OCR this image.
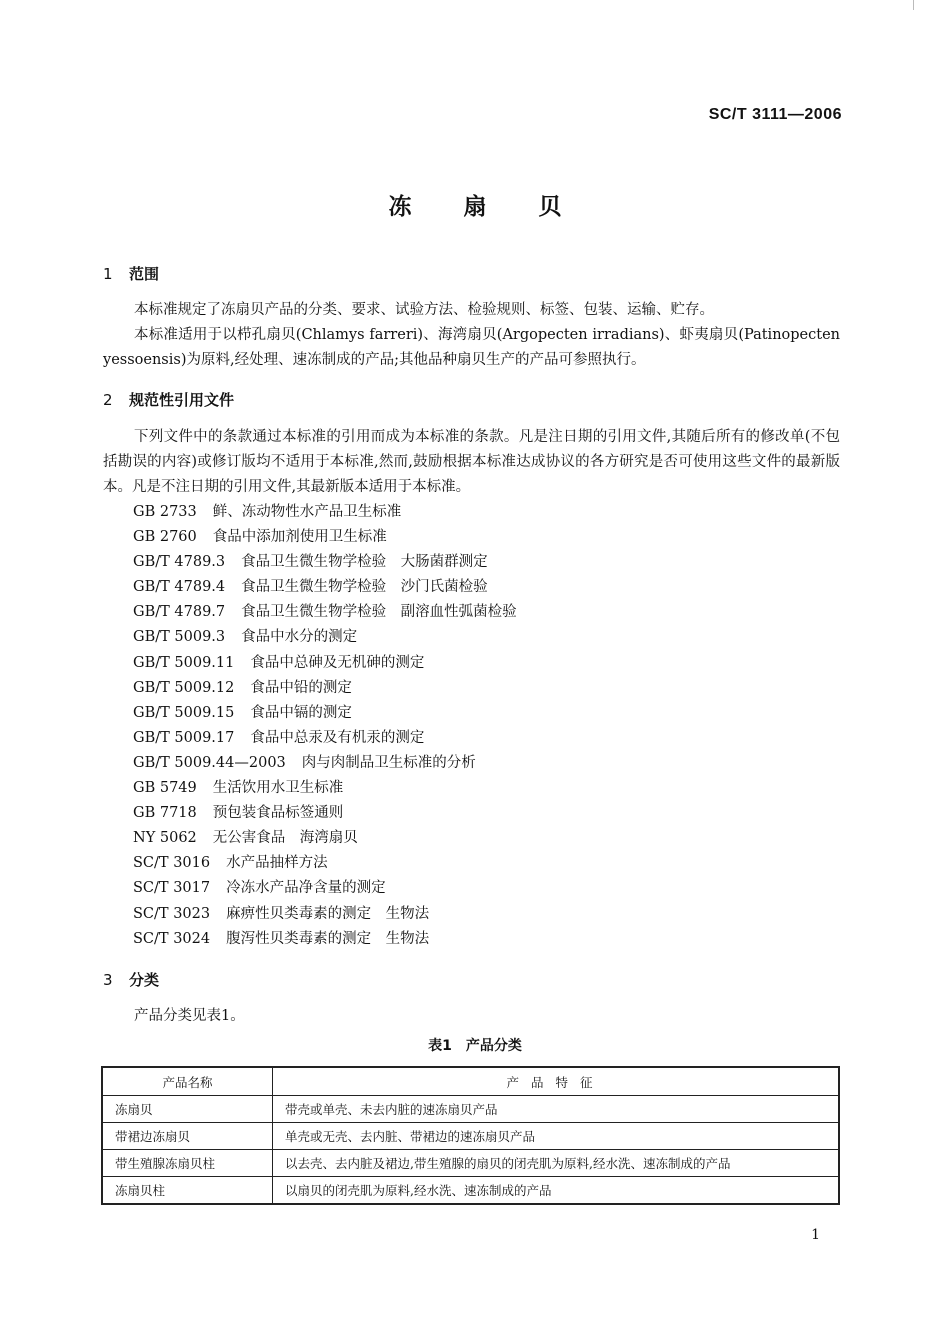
SC/T 3111—2006
冻 扇 贝
1 范围
本标准规定了冻扇贝产品的分类、要求、试验方法、检验规则、标签、包装、运输、贮存。
本标准适用于以栉孔扇贝(Chlamys farreri)、海湾扇贝(Argopecten irradians)、虾夷扇贝(Patinopecten yessoensis)为原料,经处理、速冻制成的产品;其他品种扇贝生产的产品可参照执行。
2 规范性引用文件
下列文件中的条款通过本标准的引用而成为本标准的条款。凡是注日期的引用文件,其随后所有的修改单(不包括勘误的内容)或修订版均不适用于本标准,然而,鼓励根据本标准达成协议的各方研究是否可使用这些文件的最新版本。凡是不注日期的引用文件,其最新版本适用于本标准。
GB 2733 鲜、冻动物性水产品卫生标准
GB 2760 食品中添加剂使用卫生标准
GB/T 4789.3 食品卫生微生物学检验　大肠菌群测定
GB/T 4789.4 食品卫生微生物学检验　沙门氏菌检验
GB/T 4789.7 食品卫生微生物学检验　副溶血性弧菌检验
GB/T 5009.3 食品中水分的测定
GB/T 5009.11 食品中总砷及无机砷的测定
GB/T 5009.12 食品中铅的测定
GB/T 5009.15 食品中镉的测定
GB/T 5009.17 食品中总汞及有机汞的测定
GB/T 5009.44—2003 肉与肉制品卫生标准的分析
GB 5749 生活饮用水卫生标准
GB 7718 预包装食品标签通则
NY 5062 无公害食品　海湾扇贝
SC/T 3016 水产品抽样方法
SC/T 3017 冷冻水产品净含量的测定
SC/T 3023 麻痹性贝类毒素的测定　生物法
SC/T 3024 腹泻性贝类毒素的测定　生物法
3 分类
产品分类见表1。
表1　产品分类
产品名称	产品特征
冻扇贝	带壳或单壳、未去内脏的速冻扇贝产品
带裙边冻扇贝	单壳或无壳、去内脏、带裙边的速冻扇贝产品
带生殖腺冻扇贝柱	以去壳、去内脏及裙边,带生殖腺的扇贝的闭壳肌为原料,经水洗、速冻制成的产品
冻扇贝柱	以扇贝的闭壳肌为原料,经水洗、速冻制成的产品
1
